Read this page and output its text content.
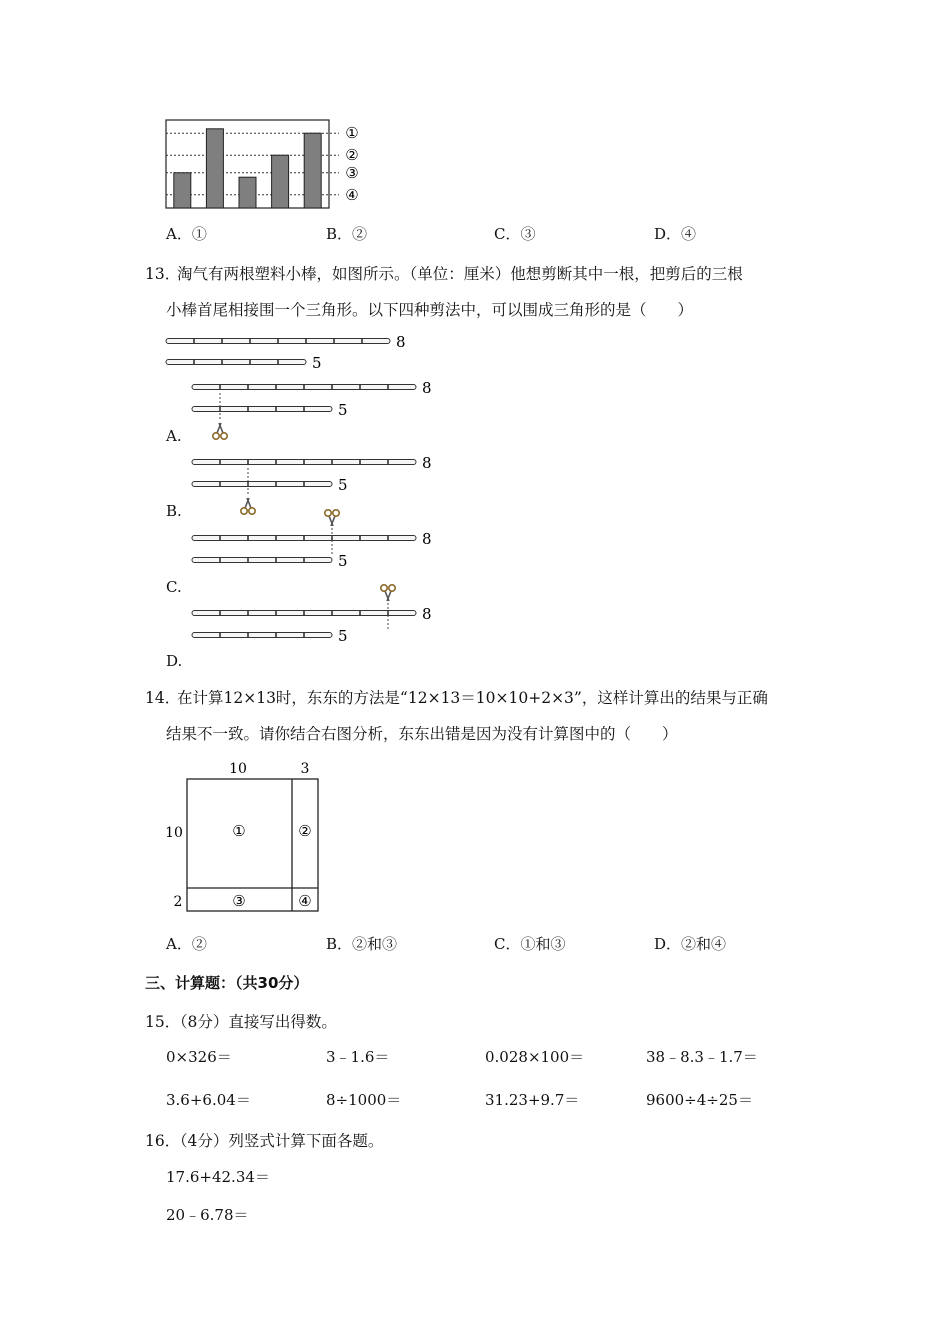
①
②
③
④
A．①	B．②	C．③	D．④
13．
淘气有两根塑料小棒，如图所示。（单位：厘米）他想剪断其中一根，把剪后的三根
小棒首尾相接围一个三角形。以下四种剪法中，可以围成三角形的是（　　）
8
5
8
5
8
5
8
5
8
5
A.
B.
C.
D.
14．
在计算12×13时，东东的方法是“12×13＝10×10+2×3”，这样计算出的结果与正确
结果不一致。请你结合右图分析，东东出错是因为没有计算图中的（　　）
10	3
10
2
①	②
③	④
A．②	B．②和③	C．①和③	D．②和④
三、计算题：（共30分）
15．
（8分）直接写出得数。
0×326＝	3﹣1.6＝	0.028×100＝	38﹣8.3﹣1.7＝
3.6+6.04＝	8÷1000＝	31.23+9.7＝	9600÷4÷25＝
16．
（4分）列竖式计算下面各题。
17.6+42.34＝
20﹣6.78＝
